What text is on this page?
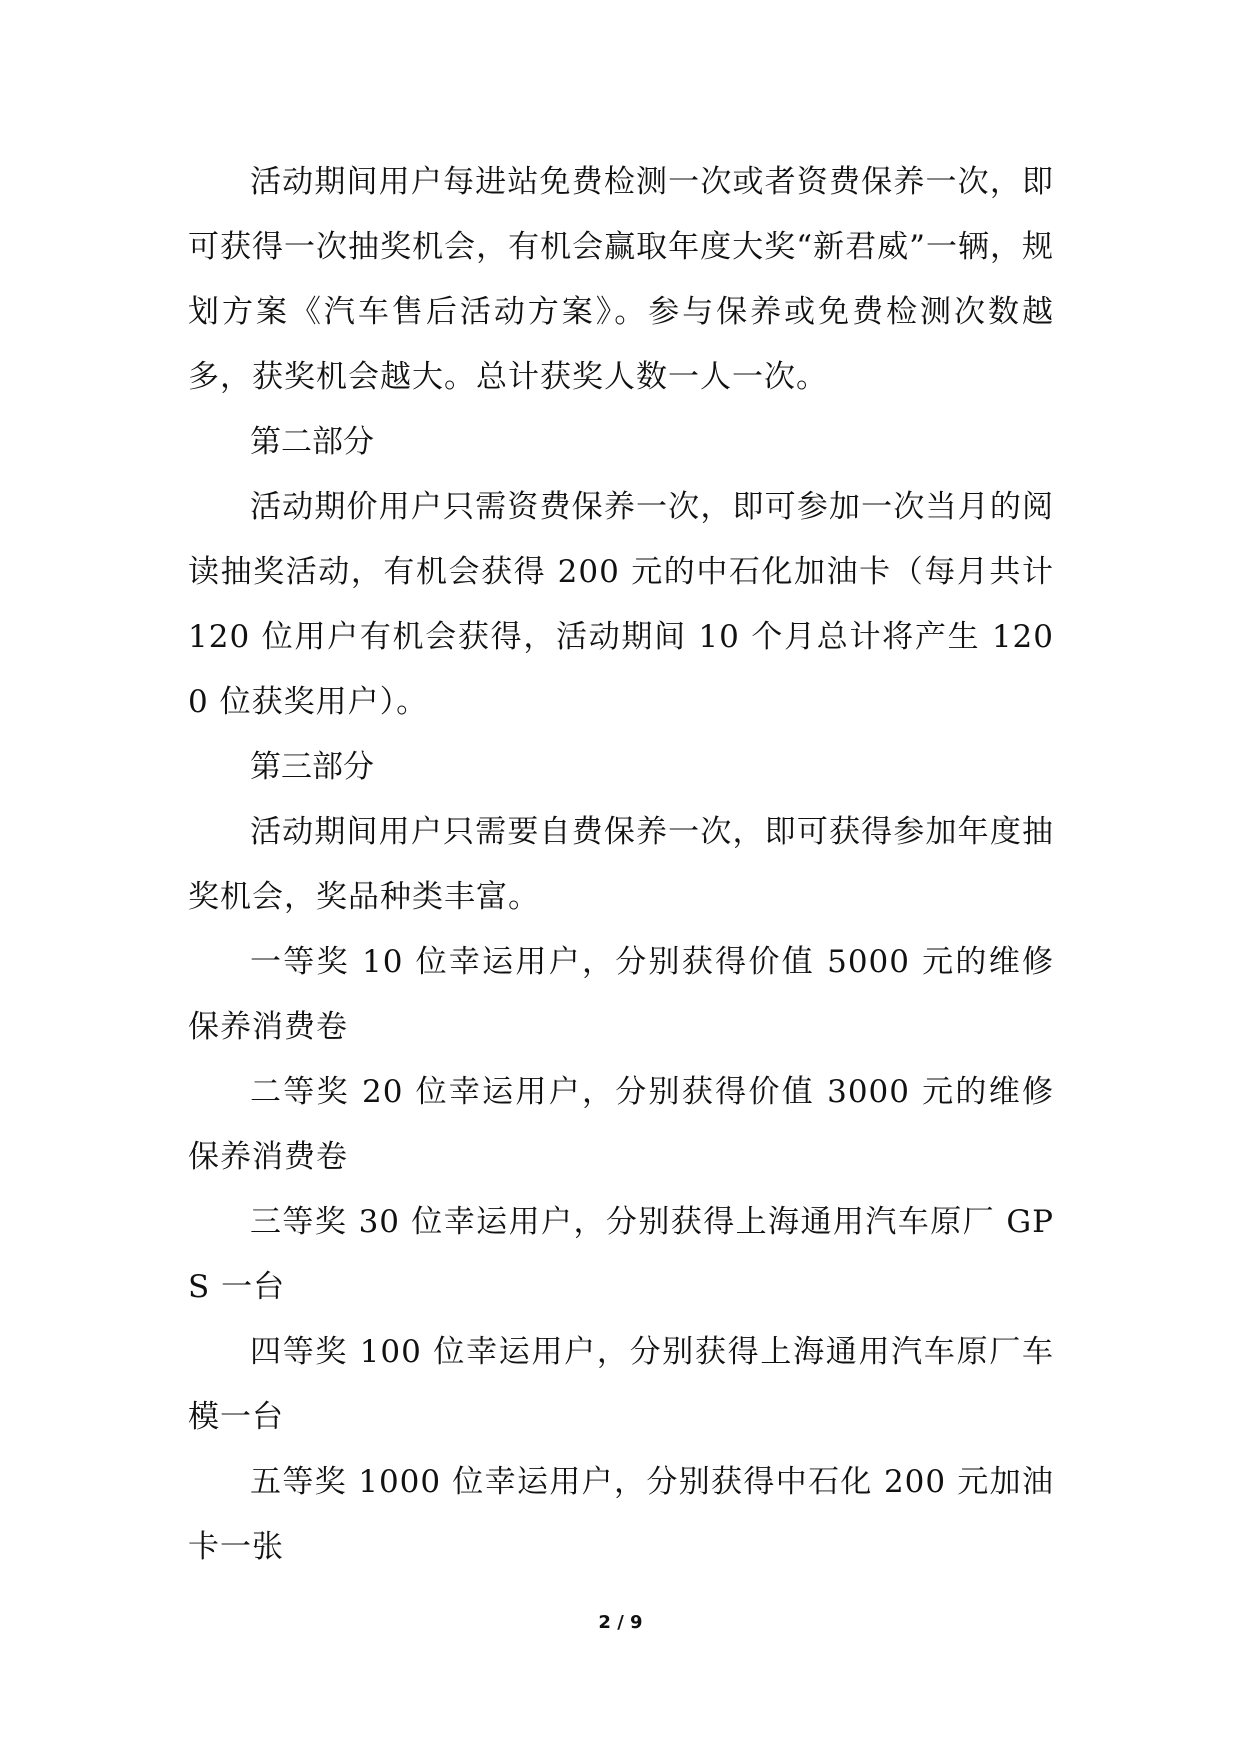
活动期间用户每进站免费检测一次或者资费保养一次，即可获得一次抽奖机会，有机会赢取年度大奖“新君威”一辆，规划方案《汽车售后活动方案》。参与保养或免费检测次数越多，获奖机会越大。总计获奖人数一人一次。

第二部分

活动期价用户只需资费保养一次，即可参加一次当月的阅读抽奖活动，有机会获得 200 元的中石化加油卡（每月共计 120 位用户有机会获得，活动期间 10 个月总计将产生 1200 位获奖用户）。

第三部分

活动期间用户只需要自费保养一次，即可获得参加年度抽奖机会，奖品种类丰富。

一等奖 10 位幸运用户，分别获得价值 5000 元的维修保养消费卷

二等奖 20 位幸运用户，分别获得价值 3000 元的维修保养消费卷

三等奖 30 位幸运用户，分别获得上海通用汽车原厂 GPS 一台

四等奖 100 位幸运用户，分别获得上海通用汽车原厂车模一台

五等奖 1000 位幸运用户，分别获得中石化 200 元加油卡一张

2 / 9
